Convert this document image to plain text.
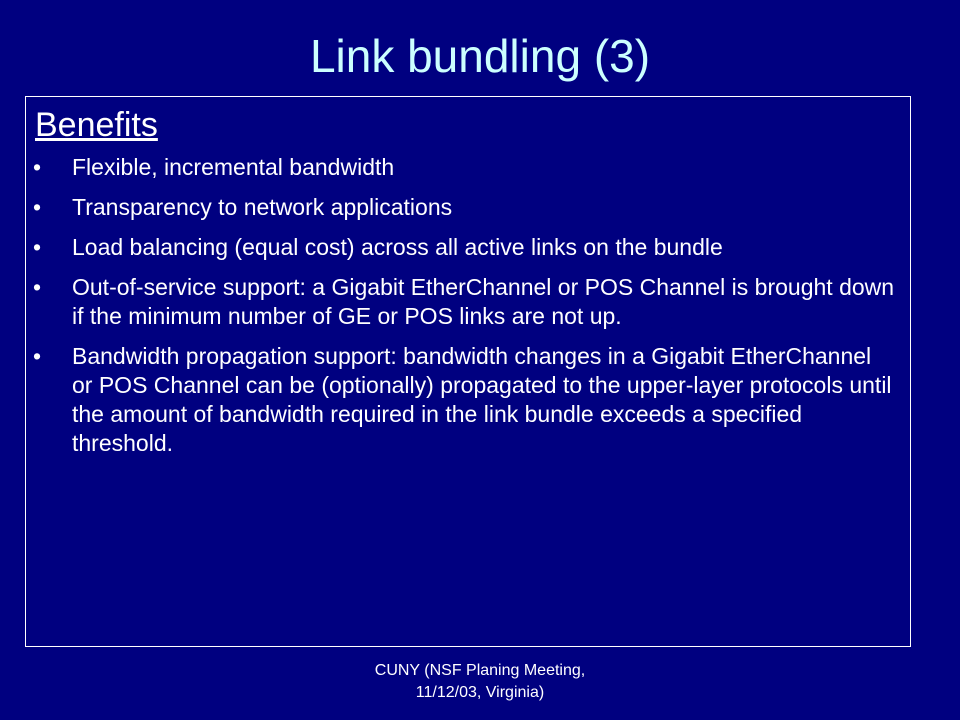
Link bundling (3)
Benefits
• Flexible, incremental bandwidth
• Transparency to network applications
• Load balancing (equal cost) across all active links on the bundle
• Out-of-service support: a Gigabit EtherChannel or POS Channel is brought down if the minimum number of GE or POS links are not up.
• Bandwidth propagation support: bandwidth changes in a Gigabit EtherChannel or POS Channel can be (optionally) propagated to the upper-layer protocols until the amount of bandwidth required in the link bundle exceeds a specified threshold.
CUNY (NSF Planing Meeting,
11/12/03, Virginia)
